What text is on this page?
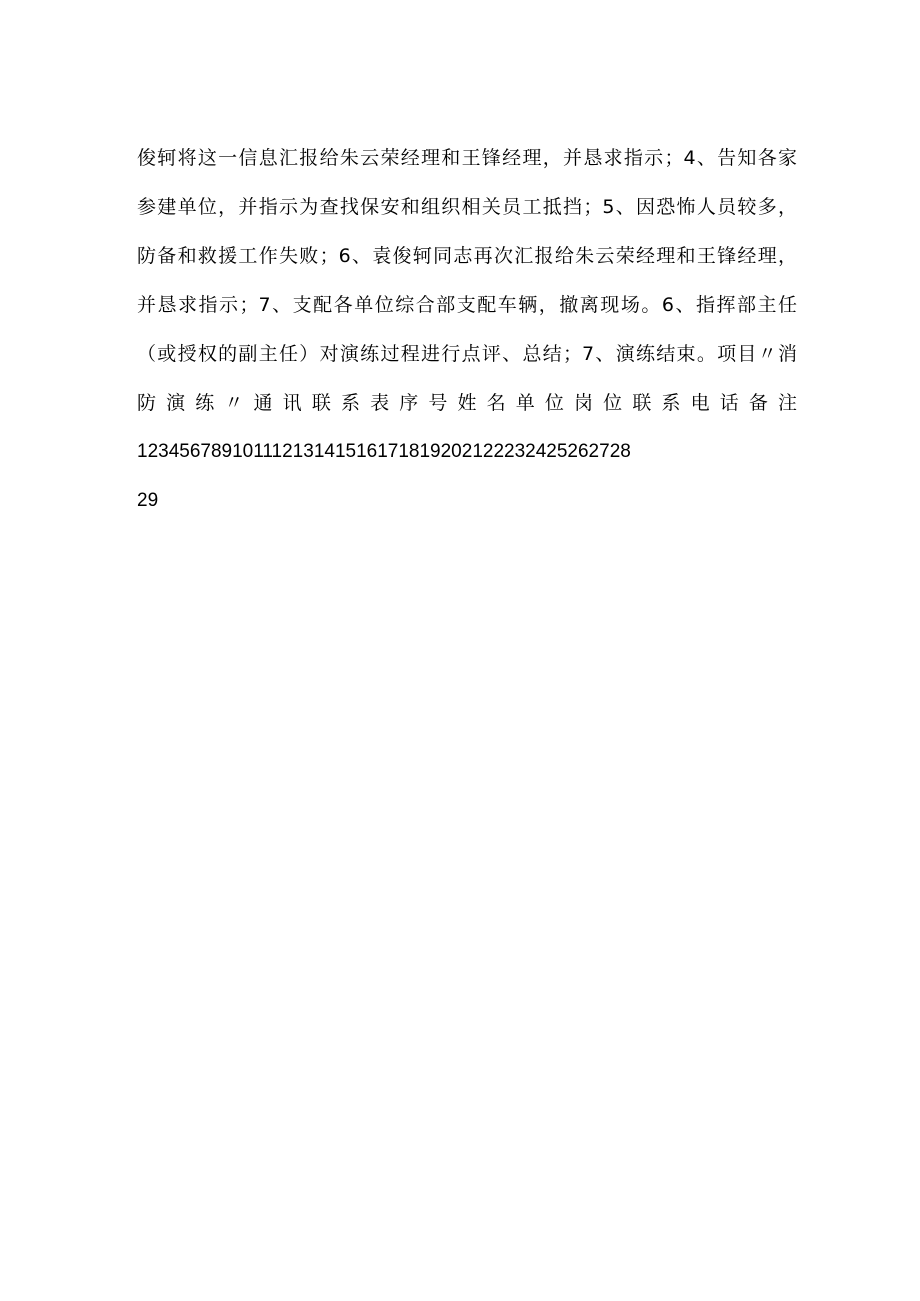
俊轲将这一信息汇报给朱云荣经理和王锋经理，并恳求指示；4、告知各家
参建单位，并指示为查找保安和组织相关员工抵挡；5、因恐怖人员较多，
防备和救援工作失败；6、袁俊轲同志再次汇报给朱云荣经理和王锋经理，
并恳求指示；7、支配各单位综合部支配车辆，撤离现场。6、指挥部主任
（或授权的副主任）对演练过程进行点评、总结；7、演练结束。项目〃消
防 演 练 〃 通 讯 联 系 表 序 号 姓 名 单 位 岗 位 联 系 电 话 备 注
12345678910111213141516171819202122232425262728
29
